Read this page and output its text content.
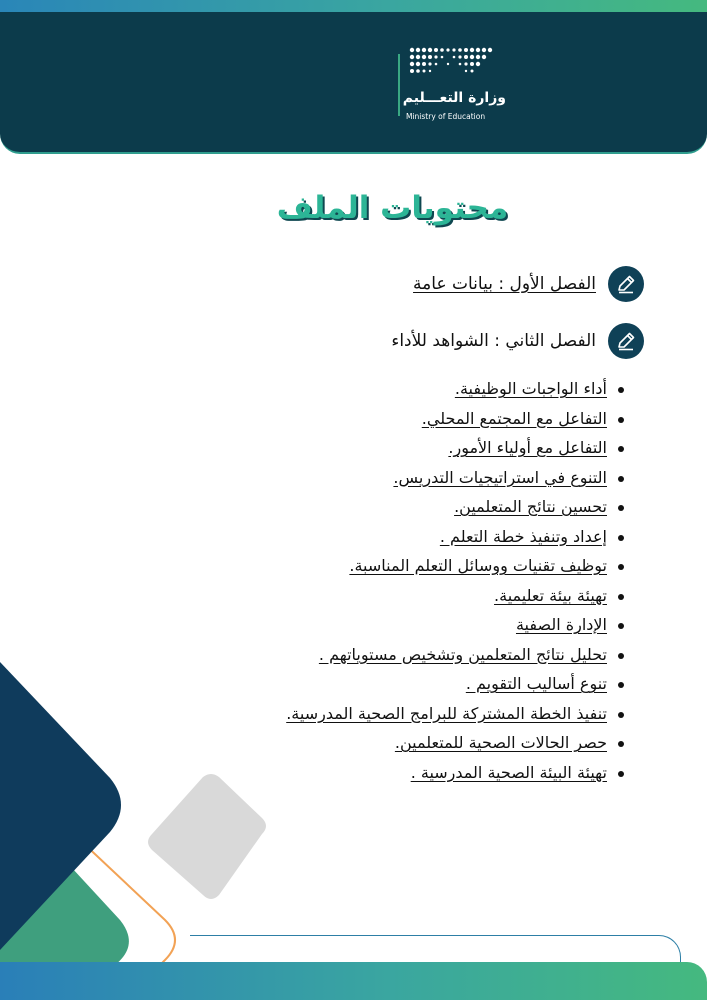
وزارة التعـــليم
Ministry of Education
محتويات الملف
الفصل الأول : بيانات عامة
الفصل الثاني : الشواهد للأداء
أداء الواجبات الوظيفية.
التفاعل مع المجتمع المحلي.
التفاعل مع أولياء الأمور.
التنوع في استراتيجيات التدريس.
تحسين نتائج المتعلمين.
إعداد وتنفيذ خطة التعلم .
توظيف تقنيات ووسائل التعلم المناسبة.
تهيئة بيئة تعليمية.
الإدارة الصفية
تحليل نتائج المتعلمين وتشخيص مستوياتهم .
تنوع أساليب التقويم .
تنفيذ الخطة المشتركة للبرامج الصحية المدرسية.
حصر الحالات الصحية للمتعلمين.
تهيئة البيئة الصحية المدرسية .
